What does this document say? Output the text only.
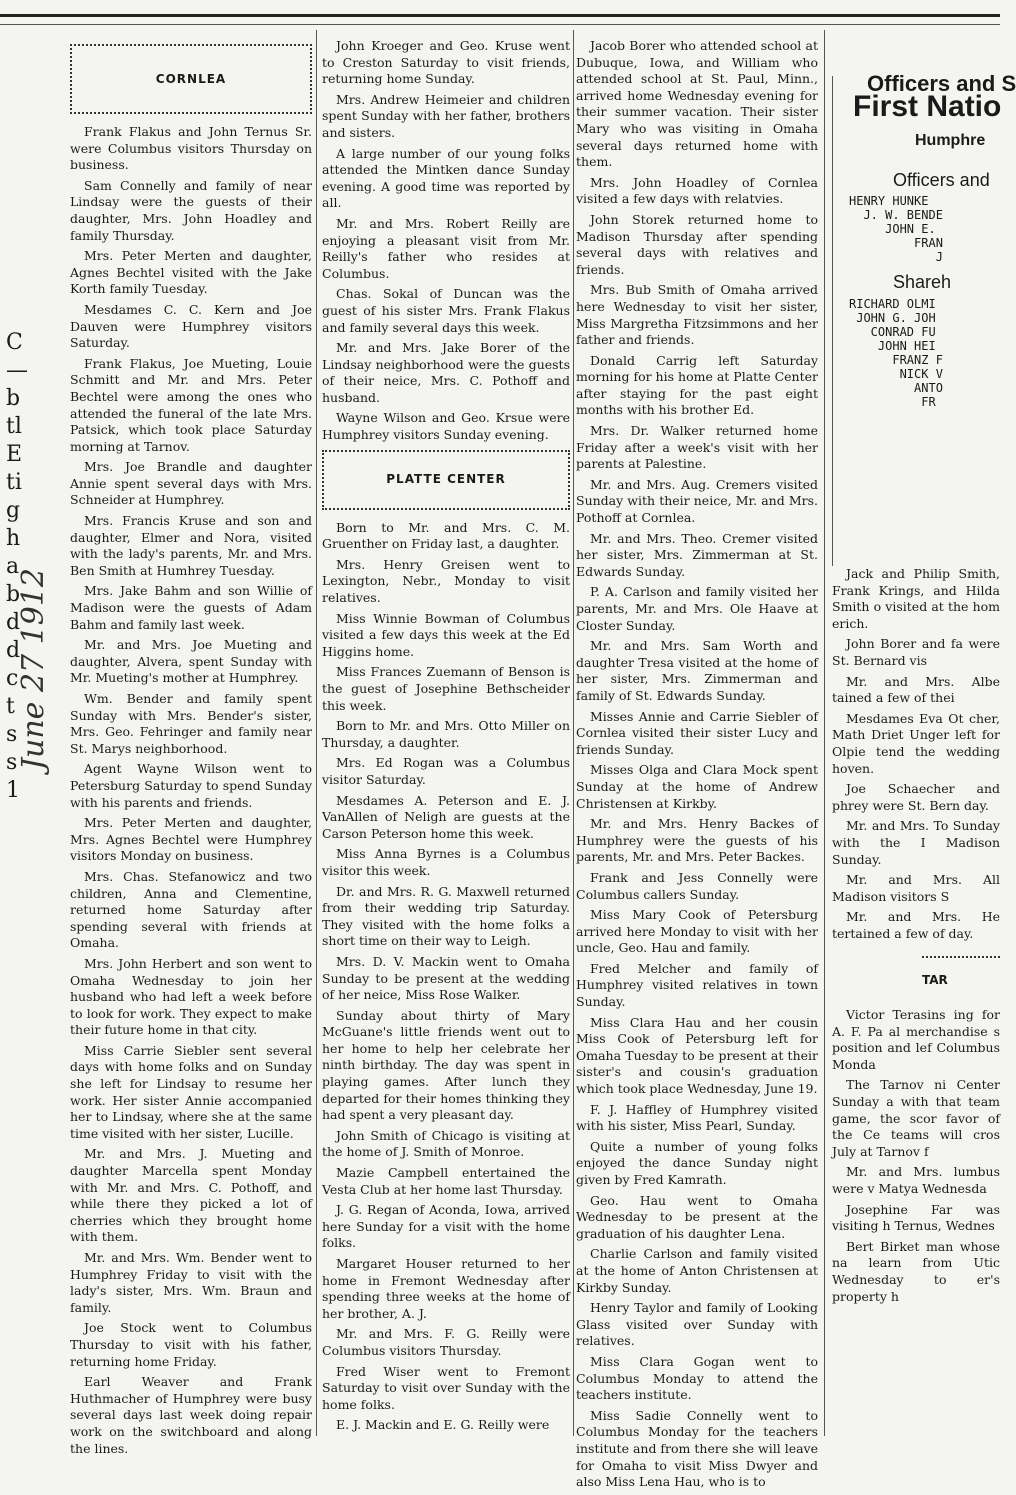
C
—
b
tl
E
ti
g
h
a
b
d
d
c
t
s
s
1
June 27 1912
CORNLEA

Frank Flakus and John Ternus Sr. were Columbus visitors Thursday on business.

Sam Connelly and family of near Lindsay were the guests of their daughter, Mrs. John Hoadley and family Thursday.

Mrs. Peter Merten and daughter, Agnes Bechtel visited with the Jake Korth family Tuesday.

Mesdames C. C. Kern and Joe Dauven were Humphrey visitors Saturday.

Frank Flakus, Joe Mueting, Louie Schmitt and Mr. and Mrs. Peter Bechtel were among the ones who attended the funeral of the late Mrs. Patsick, which took place Saturday morning at Tarnov.

Mrs. Joe Brandle and daughter Annie spent several days with Mrs. Schneider at Humphrey.

Mrs. Francis Kruse and son and daughter, Elmer and Nora, visited with the lady's parents, Mr. and Mrs. Ben Smith at Humhrey Tuesday.

Mrs. Jake Bahm and son Willie of Madison were the guests of Adam Bahm and family last week.

Mr. and Mrs. Joe Mueting and daughter, Alvera, spent Sunday with Mr. Mueting's mother at Humphrey.

Wm. Bender and family spent Sunday with Mrs. Bender's sister, Mrs. Geo. Fehringer and family near St. Marys neighborhood.

Agent Wayne Wilson went to Petersburg Saturday to spend Sunday with his parents and friends.

Mrs. Peter Merten and daughter, Mrs. Agnes Bechtel were Humphrey visitors Monday on business.

Mrs. Chas. Stefanowicz and two children, Anna and Clementine, returned home Saturday after spending several with friends at Omaha.

Mrs. John Herbert and son went to Omaha Wednesday to join her husband who had left a week before to look for work. They expect to make their future home in that city.

Miss Carrie Siebler sent several days with home folks and on Sunday she left for Lindsay to resume her work. Her sister Annie accompanied her to Lindsay, where she at the same time visited with her sister, Lucille.

Mr. and Mrs. J. Mueting and daughter Marcella spent Monday with Mr. and Mrs. C. Pothoff, and while there they picked a lot of cherries which they brought home with them.

Mr. and Mrs. Wm. Bender went to Humphrey Friday to visit with the lady's sister, Mrs. Wm. Braun and family.

Joe Stock went to Columbus Thursday to visit with his father, returning home Friday.

Earl Weaver and Frank Huthmacher of Humphrey were busy several days last week doing repair work on the switchboard and along the lines.

John Kroeger and Geo. Kruse went to Creston Saturday to visit friends, returning home Sunday.

Mrs. Andrew Heimeier and children spent Sunday with her father, brothers and sisters.

A large number of our young folks attended the Mintken dance Sunday evening. A good time was reported by all.

Mr. and Mrs. Robert Reilly are enjoying a pleasant visit from Mr. Reilly's father who resides at Columbus.

Chas. Sokal of Duncan was the guest of his sister Mrs. Frank Flakus and family several days this week.

Mr. and Mrs. Jake Borer of the Lindsay neighborhood were the guests of their neice, Mrs. C. Pothoff and husband.

Wayne Wilson and Geo. Krsue were Humphrey visitors Sunday evening.

PLATTE CENTER

Born to Mr. and Mrs. C. M. Gruenther on Friday last, a daughter.

Mrs. Henry Greisen went to Lexington, Nebr., Monday to visit relatives.

Miss Winnie Bowman of Columbus visited a few days this week at the Ed Higgins home.

Miss Frances Zuemann of Benson is the guest of Josephine Bethscheider this week.

Born to Mr. and Mrs. Otto Miller on Thursday, a daughter.

Mrs. Ed Rogan was a Columbus visitor Saturday.

Mesdames A. Peterson and E. J. VanAllen of Neligh are guests at the Carson Peterson home this week.

Miss Anna Byrnes is a Columbus visitor this week.

Dr. and Mrs. R. G. Maxwell returned from their wedding trip Saturday. They visited with the home folks a short time on their way to Leigh.

Mrs. D. V. Mackin went to Omaha Sunday to be present at the wedding of her neice, Miss Rose Walker.

Sunday about thirty of Mary McGuane's little friends went out to her home to help her celebrate her ninth birthday. The day was spent in playing games. After lunch they departed for their homes thinking they had spent a very pleasant day.

John Smith of Chicago is visiting at the home of J. Smith of Monroe.

Mazie Campbell entertained the Vesta Club at her home last Thursday.

J. G. Regan of Aconda, Iowa, arrived here Sunday for a visit with the home folks.

Margaret Houser returned to her home in Fremont Wednesday after spending three weeks at the home of her brother, A. J.

Mr. and Mrs. F. G. Reilly were Columbus visitors Thursday.

Fred Wiser went to Fremont Saturday to visit over Sunday with the home folks.

E. J. Mackin and E. G. Reilly were

Jacob Borer who attended school at Dubuque, Iowa, and William who attended school at St. Paul, Minn., arrived home Wednesday evening for their summer vacation. Their sister Mary who was visiting in Omaha several days returned home with them.

Mrs. John Hoadley of Cornlea visited a few days with relatvies.

John Storek returned home to Madison Thursday after spending several days with relatives and friends.

Mrs. Bub Smith of Omaha arrived here Wednesday to visit her sister, Miss Margretha Fitzsimmons and her father and friends.

Donald Carrig left Saturday morning for his home at Platte Center after staying for the past eight months with his brother Ed.

Mrs. Dr. Walker returned home Friday after a week's visit with her parents at Palestine.

Mr. and Mrs. Aug. Cremers visited Sunday with their neice, Mr. and Mrs. Pothoff at Cornlea.

Mr. and Mrs. Theo. Cremer visited her sister, Mrs. Zimmerman at St. Edwards Sunday.

P. A. Carlson and family visited her parents, Mr. and Mrs. Ole Haave at Closter Sunday.

Mr. and Mrs. Sam Worth and daughter Tresa visited at the home of her sister, Mrs. Zimmerman and family of St. Edwards Sunday.

Misses Annie and Carrie Siebler of Cornlea visited their sister Lucy and friends Sunday.

Misses Olga and Clara Mock spent Sunday at the home of Andrew Christensen at Kirkby.

Mr. and Mrs. Henry Backes of Humphrey were the guests of his parents, Mr. and Mrs. Peter Backes.

Frank and Jess Connelly were Columbus callers Sunday.

Miss Mary Cook of Petersburg arrived here Monday to visit with her uncle, Geo. Hau and family.

Fred Melcher and family of Humphrey visited relatives in town Sunday.

Miss Clara Hau and her cousin Miss Cook of Petersburg left for Omaha Tuesday to be present at their sister's and cousin's graduation which took place Wednesday, June 19.

F. J. Haffley of Humphrey visited with his sister, Miss Pearl, Sunday.

Quite a number of young folks enjoyed the dance Sunday night given by Fred Kamrath.

Geo. Hau went to Omaha Wednesday to be present at the graduation of his daughter Lena.

Charlie Carlson and family visited at the home of Anton Christensen at Kirkby Sunday.

Henry Taylor and family of Looking Glass visited over Sunday with relatives.

Miss Clara Gogan went to Columbus Monday to attend the teachers institute.

Miss Sadie Connelly went to Columbus Monday for the teachers institute and from there she will leave for Omaha to visit Miss Dwyer and also Miss Lena Hau, who is to

Officers and S
First Natio
Humphre
Officers and
HENRY HUNKE
J. W. BENDE
JOHN E.
FRAN
J
Shareh
RICHARD OLMI
JOHN G. JOH
CONRAD FU
JOHN HEI
FRANZ F
NICK V
ANTO
FR

Jack and Philip Smith, Frank Krings, and Hilda Smith o visited at the hom erich.

John Borer and fa were St. Bernard vis

Mr. and Mrs. Albe tained a few of thei

Mesdames Eva Ot cher, Math Driet Unger left for Olpie tend the wedding hoven.

Joe Schaecher and phrey were St. Bern day.

Mr. and Mrs. To Sunday with the I Madison Sunday.

Mr. and Mrs. All Madison visitors S

Mr. and Mrs. He tertained a few of day.

TAR

Victor Terasins ing for A. F. Pa al merchandise s position and lef Columbus Monda

The Tarnov ni Center Sunday a with that team game, the scor favor of the Ce teams will cros July at Tarnov f

Mr. and Mrs. lumbus were v Matya Wednesda

Josephine Far was visiting h Ternus, Wednes

Bert Birket man whose na learn from Utic Wednesday to er's property h
